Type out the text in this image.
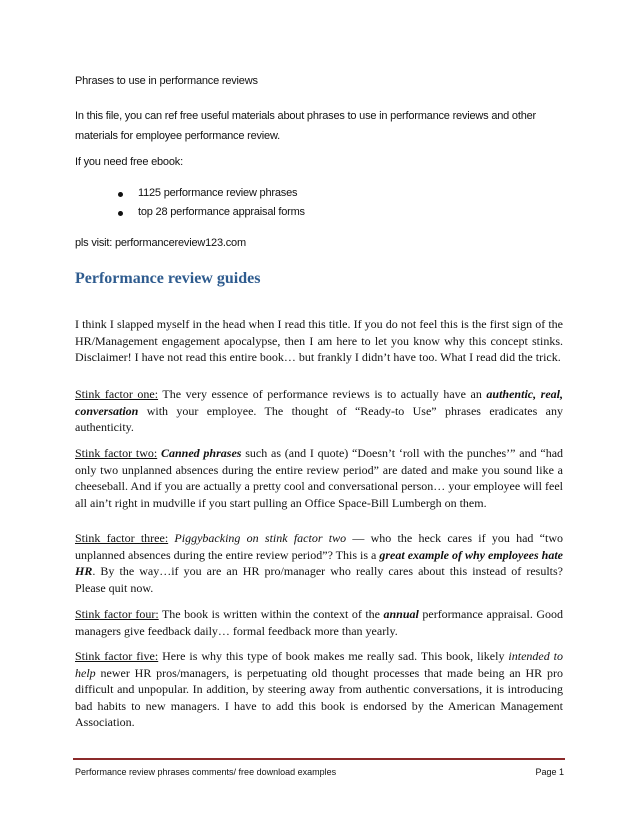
Phrases to use in performance reviews
In this file, you can ref free useful materials about phrases to use in performance reviews and other materials for employee performance review.
If you need free ebook:
1125 performance review phrases
top 28 performance appraisal forms
pls visit: performancereview123.com
Performance review guides

I think I slapped myself in the head when I read this title. If you do not feel this is the first sign of the HR/Management engagement apocalypse, then I am here to let you know why this concept stinks. Disclaimer! I have not read this entire book… but frankly I didn’t have too. What I read did the trick.

Stink factor one: The very essence of performance reviews is to actually have an authentic, real, conversation with your employee. The thought of “Ready-to Use” phrases eradicates any authenticity.

Stink factor two: Canned phrases such as (and I quote) “Doesn’t ‘roll with the punches’” and “had only two unplanned absences during the entire review period” are dated and make you sound like a cheeseball. And if you are actually a pretty cool and conversational person… your employee will feel all ain’t right in mudville if you start pulling an Office Space-Bill Lumbergh on them.

Stink factor three: Piggybacking on stink factor two — who the heck cares if you had “two unplanned absences during the entire review period”? This is a great example of why employees hate HR. By the way…if you are an HR pro/manager who really cares about this instead of results? Please quit now.

Stink factor four: The book is written within the context of the annual performance appraisal. Good managers give feedback daily… formal feedback more than yearly.

Stink factor five: Here is why this type of book makes me really sad. This book, likely intended to help newer HR pros/managers, is perpetuating old thought processes that made being an HR pro difficult and unpopular. In addition, by steering away from authentic conversations, it is introducing bad habits to new managers. I have to add this book is endorsed by the American Management Association.

Performance review phrases comments/ free download examples	Page 1
